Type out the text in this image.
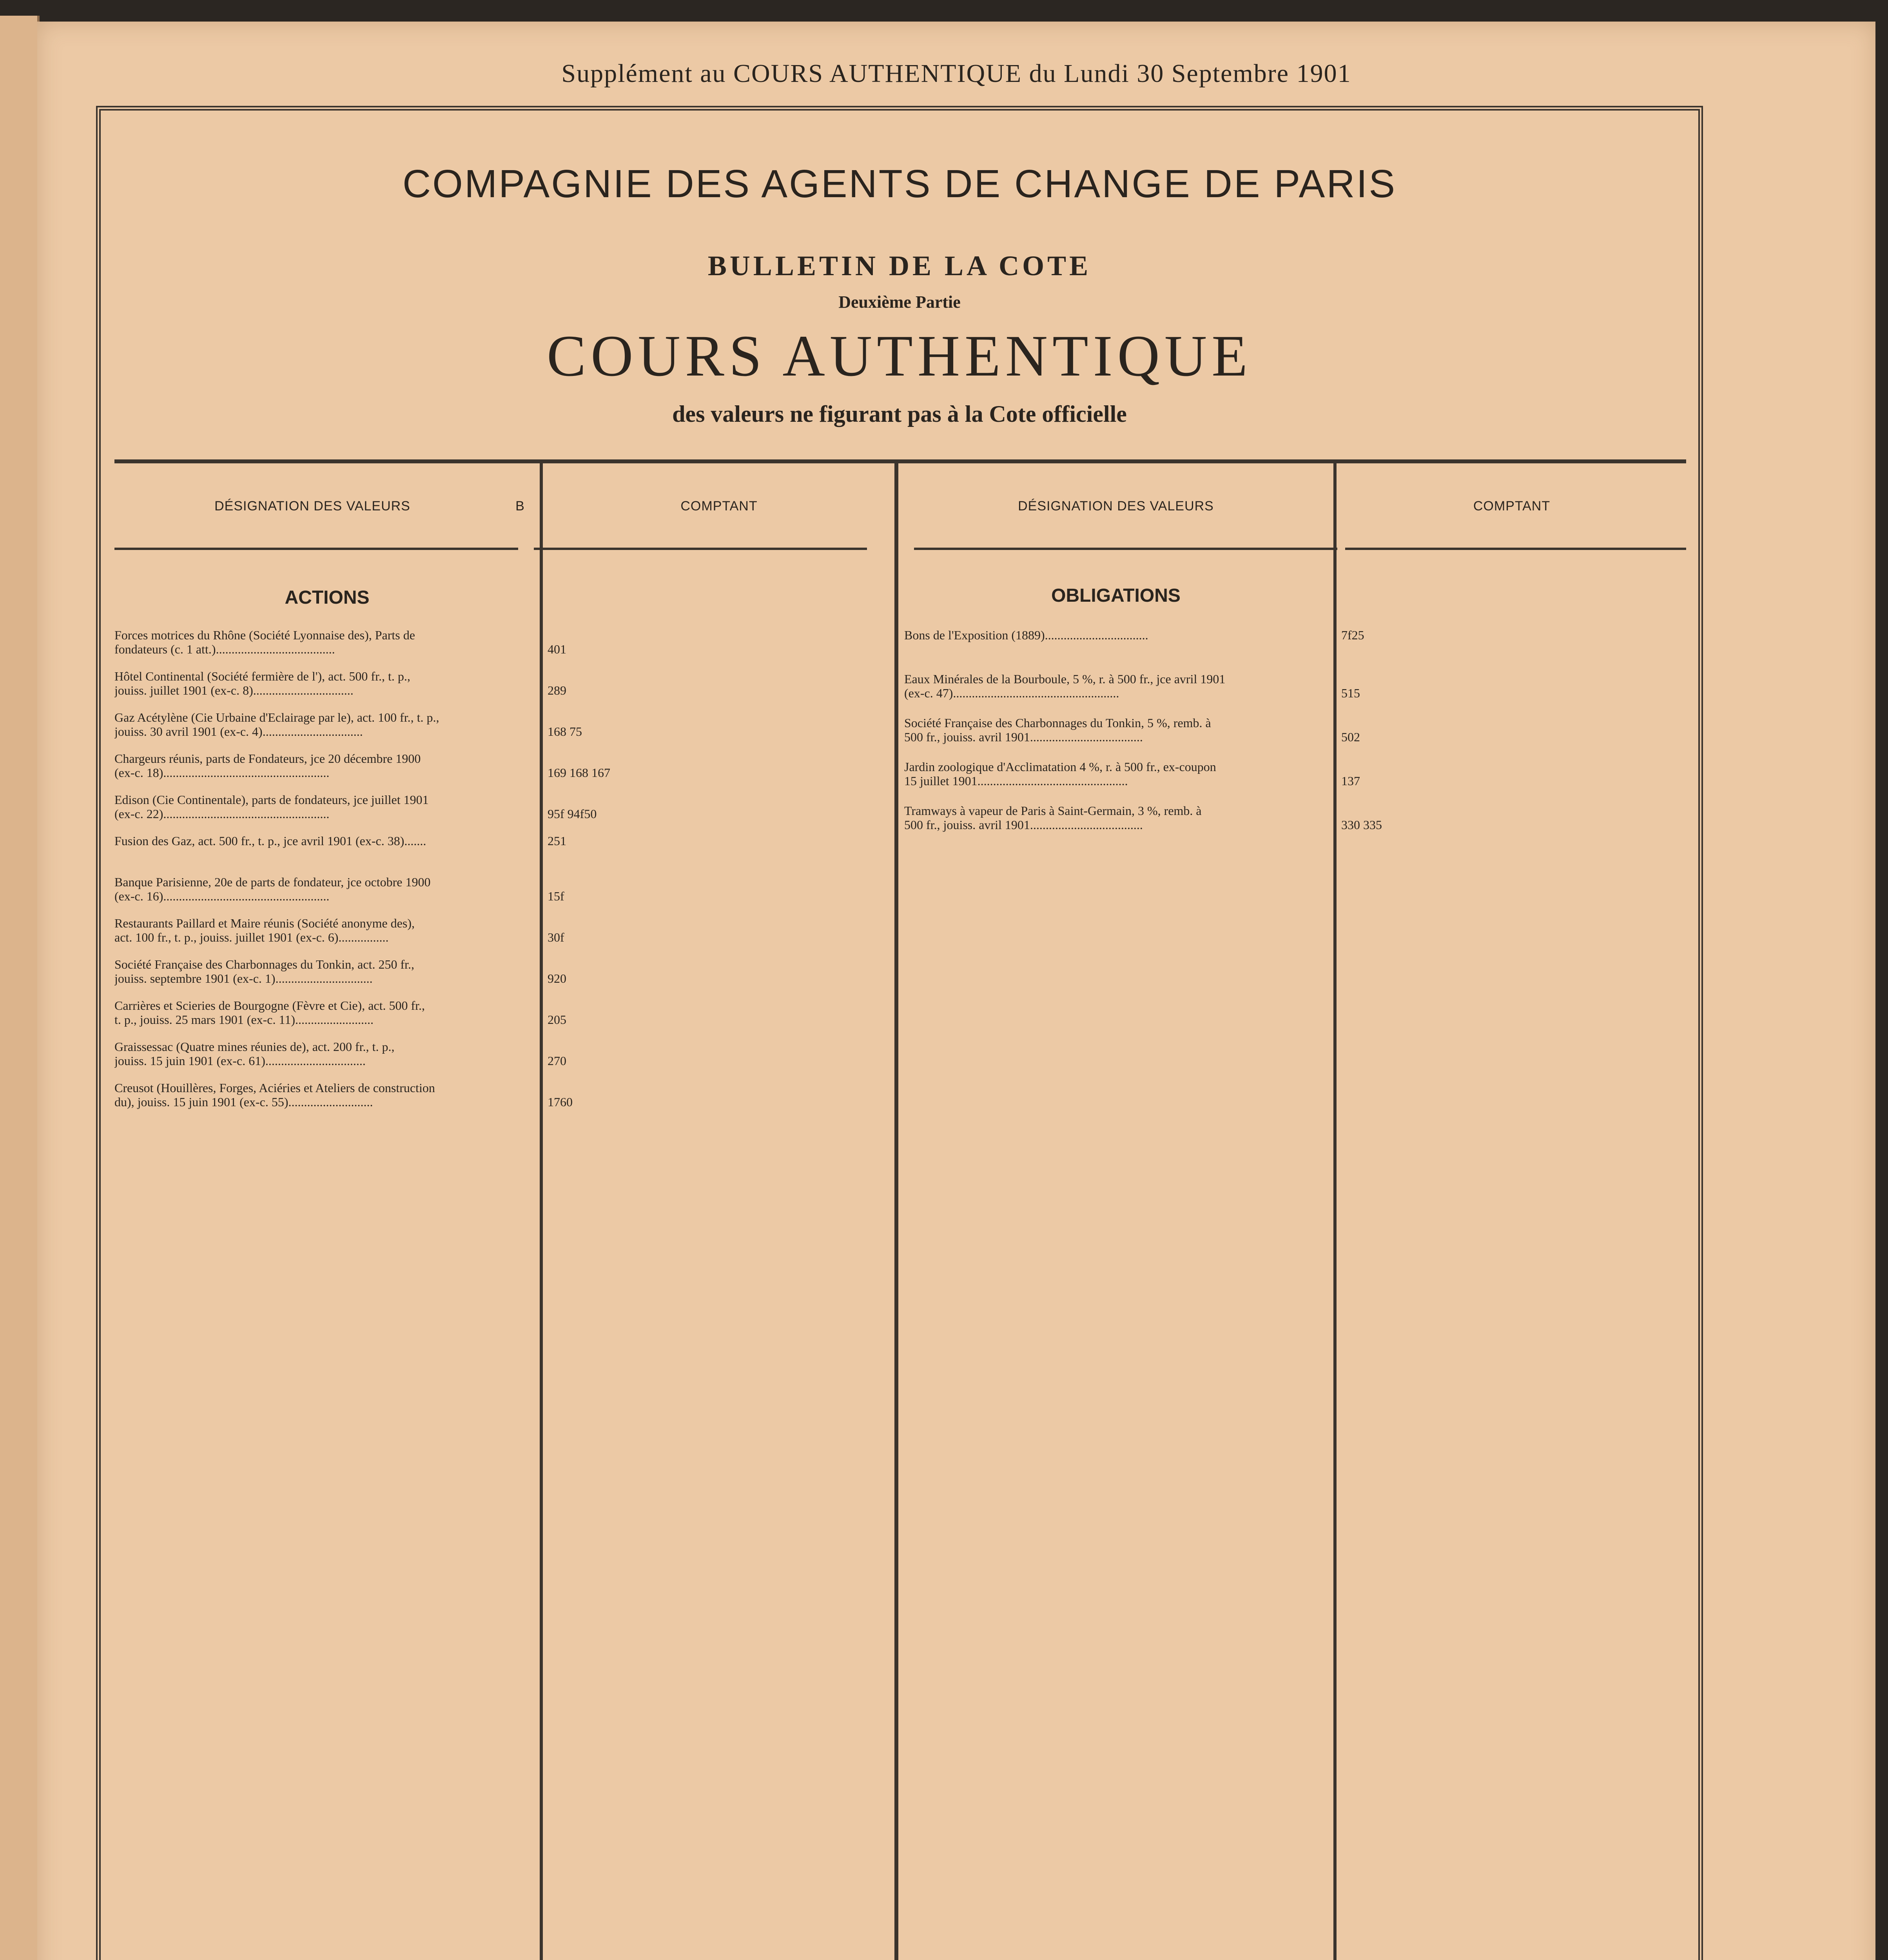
Supplément au COURS AUTHENTIQUE du Lundi 30 Septembre 1901
COMPAGNIE DES AGENTS DE CHANGE DE PARIS
BULLETIN DE LA COTE
Deuxième Partie
COURS AUTHENTIQUE
des valeurs ne figurant pas à la Cote officielle
DÉSIGNATION DES VALEURS	B	COMPTANT	DÉSIGNATION DES VALEURS	COMPTANT
ACTIONS	OBLIGATIONS
Forces motrices du Rhône (Société Lyonnaise des), Parts de
fondateurs (c. 1 att.)......................................	401
Hôtel Continental (Société fermière de l'), act. 500 fr., t. p.,
jouiss. juillet 1901 (ex-c. 8)................................	289
Gaz Acétylène (Cie Urbaine d'Eclairage par le), act. 100 fr., t. p.,
jouiss. 30 avril 1901 (ex-c. 4)................................	168 75
Chargeurs réunis, parts de Fondateurs, jce 20 décembre 1900
(ex-c. 18).....................................................	169 168 167
Edison (Cie Continentale), parts de fondateurs, jce juillet 1901
(ex-c. 22).....................................................	95f 94f50
Fusion des Gaz, act. 500 fr., t. p., jce avril 1901 (ex-c. 38).......	251
Banque Parisienne, 20e de parts de fondateur, jce octobre 1900
(ex-c. 16).....................................................	15f
Restaurants Paillard et Maire réunis (Société anonyme des),
act. 100 fr., t. p., jouiss. juillet 1901 (ex-c. 6)................	30f
Société Française des Charbonnages du Tonkin, act. 250 fr.,
jouiss. septembre 1901 (ex-c. 1)...............................	920
Carrières et Scieries de Bourgogne (Fèvre et Cie), act. 500 fr.,
t. p., jouiss. 25 mars 1901 (ex-c. 11).........................	205
Graissessac (Quatre mines réunies de), act. 200 fr., t. p.,
jouiss. 15 juin 1901 (ex-c. 61)................................	270
Creusot (Houillères, Forges, Aciéries et Ateliers de construction
du), jouiss. 15 juin 1901 (ex-c. 55)...........................	1760
Bons de l'Exposition (1889).................................	7f25
Eaux Minérales de la Bourboule, 5 %, r. à 500 fr., jce avril 1901
(ex-c. 47).....................................................	515
Société Française des Charbonnages du Tonkin, 5 %, remb. à
500 fr., jouiss. avril 1901....................................	502
Jardin zoologique d'Acclimatation 4 %, r. à 500 fr., ex-coupon
15 juillet 1901................................................	137
Tramways à vapeur de Paris à Saint-Germain, 3 %, remb. à
500 fr., jouiss. avril 1901....................................	330 335
